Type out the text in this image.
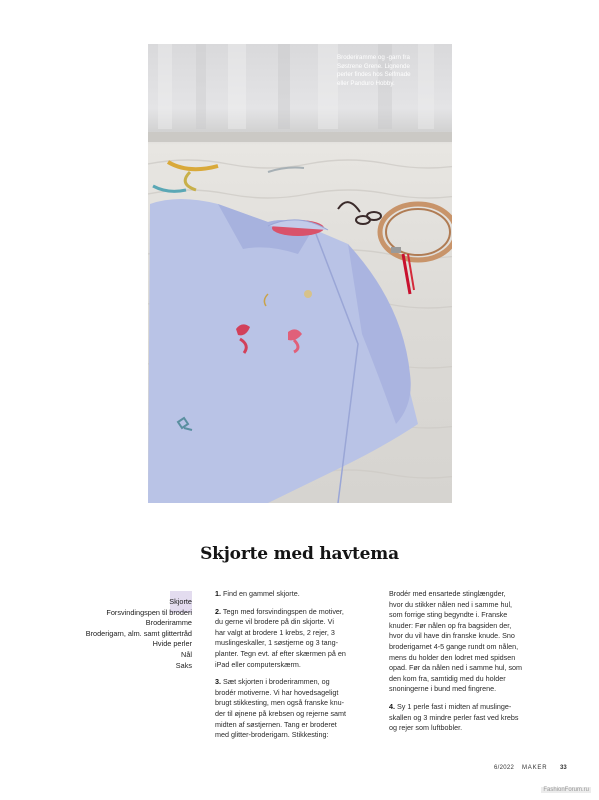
Broderiramme og -garn fra
Søstrene Grene. Lignende
perler findes hos Selfmade
eller Panduro Hobby.
Skjorte med havtema
Skjorte
Forsvindingspen til broderi
Broderiramme
Broderigarn, alm. samt glittertråd
Hvide perler
Nål
Saks
1. Find en gammel skjorte.
2. Tegn med forsvindingspen de motiver,
du gerne vil brodere på din skjorte. Vi
har valgt at brodere 1 krebs, 2 rejer, 3
muslingeskaller, 1 søstjerne og 3 tang-
planter. Tegn evt. af efter skærmen på en
iPad eller computerskærm.
3. Sæt skjorten i broderirammen, og
brodér motiverne. Vi har hovedsageligt
brugt stikkesting, men også franske knu-
der til øjnene på krebsen og rejerne samt
midten af søstjernen. Tang er broderet
med glitter-broderigarn. Stikkesting:
Brodér med ensartede stinglængder,
hvor du stikker nålen ned i samme hul,
som forrige sting begyndte i. Franske
knuder: Før nålen op fra bagsiden der,
hvor du vil have din franske knude. Sno
broderigarnet 4-5 gange rundt om nålen,
mens du holder den lodret med spidsen
opad. Før da nålen ned i samme hul, som
den kom fra, samtidig med du holder
snoningerne i bund med fingrene.
4. Sy 1 perle fast i midten af muslinge-
skallen og 3 mindre perler fast ved krebs
og rejer som luftbobler.
6/2022 MAKER 33
FashionForum.ru
